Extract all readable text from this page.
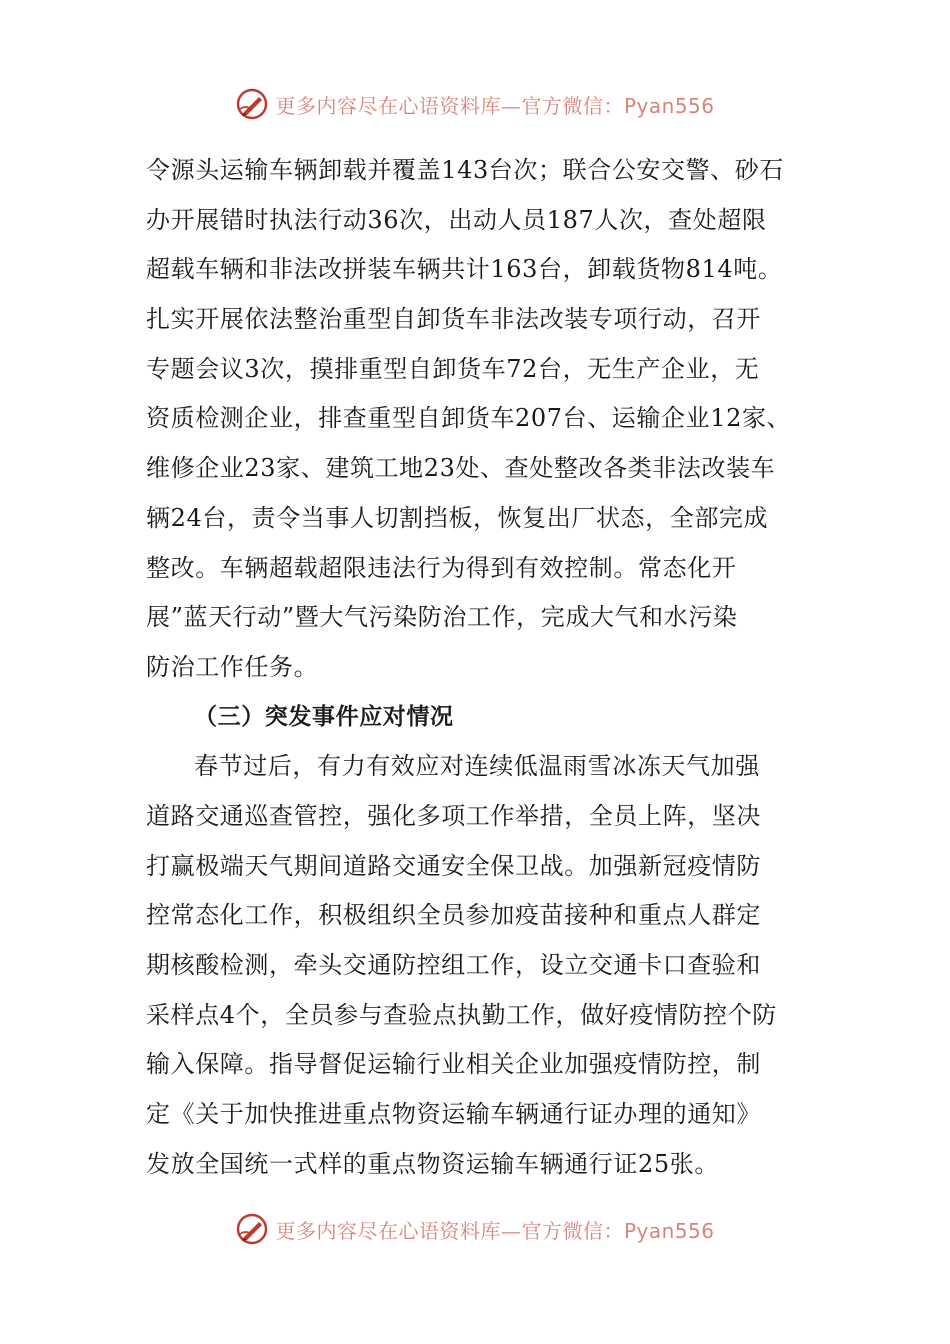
更多内容尽在心语资料库—官方微信：Pyan556
令源头运输车辆卸载并覆盖143台次；联合公安交警、砂石
办开展错时执法行动36次，出动人员187人次，查处超限
超载车辆和非法改拼装车辆共计163台，卸载货物814吨。
扎实开展依法整治重型自卸货车非法改装专项行动，召开
专题会议3次，摸排重型自卸货车72台，无生产企业，无
资质检测企业，排查重型自卸货车207台、运输企业12家、
维修企业23家、建筑工地23处、查处整改各类非法改装车
辆24台，责令当事人切割挡板，恢复出厂状态，全部完成
整改。车辆超载超限违法行为得到有效控制。常态化开
展”蓝天行动”暨大气污染防治工作，完成大气和水污染
防治工作任务。
（三）突发事件应对情况
春节过后，有力有效应对连续低温雨雪冰冻天气加强
道路交通巡查管控，强化多项工作举措，全员上阵，坚决
打赢极端天气期间道路交通安全保卫战。加强新冠疫情防
控常态化工作，积极组织全员参加疫苗接种和重点人群定
期核酸检测，牵头交通防控组工作，设立交通卡口查验和
采样点4个，全员参与查验点执勤工作，做好疫情防控个防
输入保障。指导督促运输行业相关企业加强疫情防控，制
定《关于加快推进重点物资运输车辆通行证办理的通知》
发放全国统一式样的重点物资运输车辆通行证25张。
更多内容尽在心语资料库—官方微信：Pyan556
